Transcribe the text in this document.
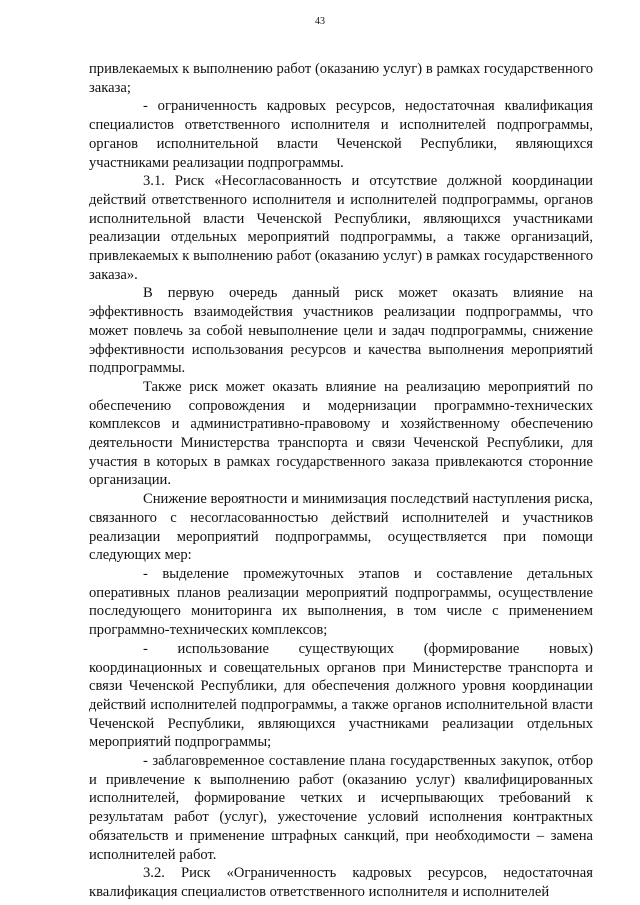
43

привлекаемых к выполнению работ (оказанию услуг) в рамках государственного заказа;

- ограниченность кадровых ресурсов, недостаточная квалификация специалистов ответственного исполнителя и исполнителей подпрограммы, органов исполнительной власти Чеченской Республики, являющихся участниками реализации подпрограммы.

3.1. Риск «Несогласованность и отсутствие должной координации действий ответственного исполнителя и исполнителей подпрограммы, органов исполнительной власти Чеченской Республики, являющихся участниками реализации отдельных мероприятий подпрограммы, а также организаций, привлекаемых к выполнению работ (оказанию услуг) в рамках государственного заказа».

В первую очередь данный риск может оказать влияние на эффективность взаимодействия участников реализации подпрограммы, что может повлечь за собой невыполнение цели и задач подпрограммы, снижение эффективности использования ресурсов и качества выполнения мероприятий подпрограммы.

Также риск может оказать влияние на реализацию мероприятий по обеспечению сопровождения и модернизации программно-технических комплексов и административно-правовому и хозяйственному обеспечению деятельности Министерства транспорта и связи Чеченской Республики, для участия в которых в рамках государственного заказа привлекаются сторонние организации.

Снижение вероятности и минимизация последствий наступления риска, связанного с несогласованностью действий исполнителей и участников реализации мероприятий подпрограммы, осуществляется при помощи следующих мер:

- выделение промежуточных этапов и составление детальных оперативных планов реализации мероприятий подпрограммы, осуществление последующего мониторинга их выполнения, в том числе с применением программно-технических комплексов;

- использование существующих (формирование новых) координационных и совещательных органов при Министерстве транспорта и связи Чеченской Республики, для обеспечения должного уровня координации действий исполнителей подпрограммы, а также органов исполнительной власти Чеченской Республики, являющихся участниками реализации отдельных мероприятий подпрограммы;

- заблаговременное составление плана государственных закупок, отбор и привлечение к выполнению работ (оказанию услуг) квалифицированных исполнителей, формирование четких и исчерпывающих требований к результатам работ (услуг), ужесточение условий исполнения контрактных обязательств и применение штрафных санкций, при необходимости – замена исполнителей работ.

3.2. Риск «Ограниченность кадровых ресурсов, недостаточная квалификация специалистов ответственного исполнителя и исполнителей
